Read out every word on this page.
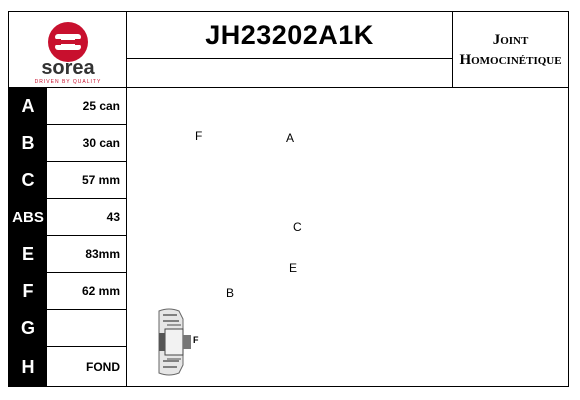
sorea
DRIVEN BY QUALITY
JH23202A1K	Joint
Homocinétique
A	25 can
B	30 can
C	57 mm
ABS	43
E	83mm
F	62 mm
G
H	FOND
F	A
C
E
B
F
